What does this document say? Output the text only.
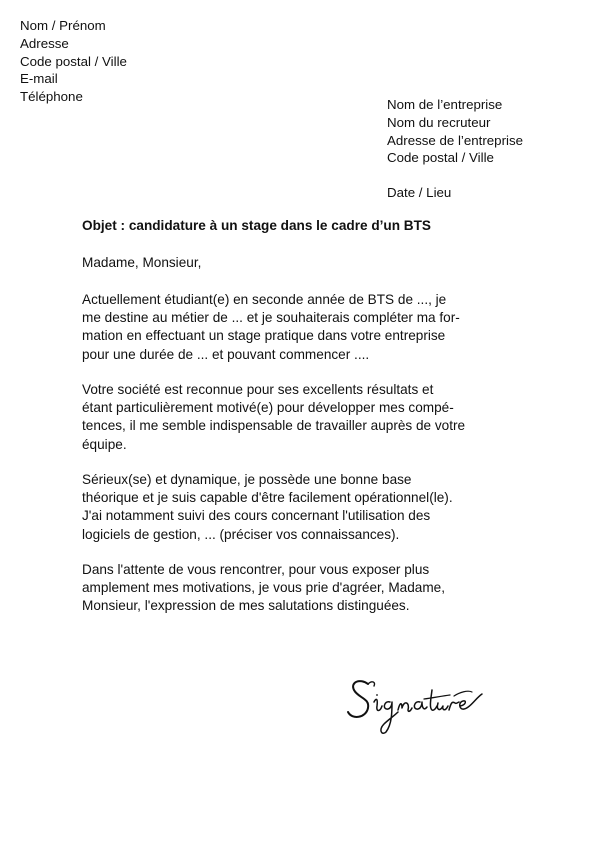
Nom / Prénom
Adresse
Code postal / Ville
E-mail
Téléphone
Nom de l’entreprise
Nom du recruteur
Adresse de l’entreprise
Code postal / Ville
Date / Lieu
Objet : candidature à un stage dans le cadre d’un BTS
Madame, Monsieur,
Actuellement étudiant(e) en seconde année de BTS de ..., je
me destine au métier de ... et je souhaiterais compléter ma for-
mation en effectuant un stage pratique dans votre entreprise
pour une durée de ... et pouvant commencer ....
Votre société est reconnue pour ses excellents résultats et
étant particulièrement motivé(e) pour développer mes compé-
tences, il me semble indispensable de travailler auprès de votre
équipe.
Sérieux(se) et dynamique, je possède une bonne base
théorique et je suis capable d'être facilement opérationnel(le).
J'ai notamment suivi des cours concernant l'utilisation des
logiciels de gestion, ... (préciser vos connaissances).
Dans l'attente de vous rencontrer, pour vous exposer plus
amplement mes motivations, je vous prie d'agréer, Madame,
Monsieur, l'expression de mes salutations distinguées.
